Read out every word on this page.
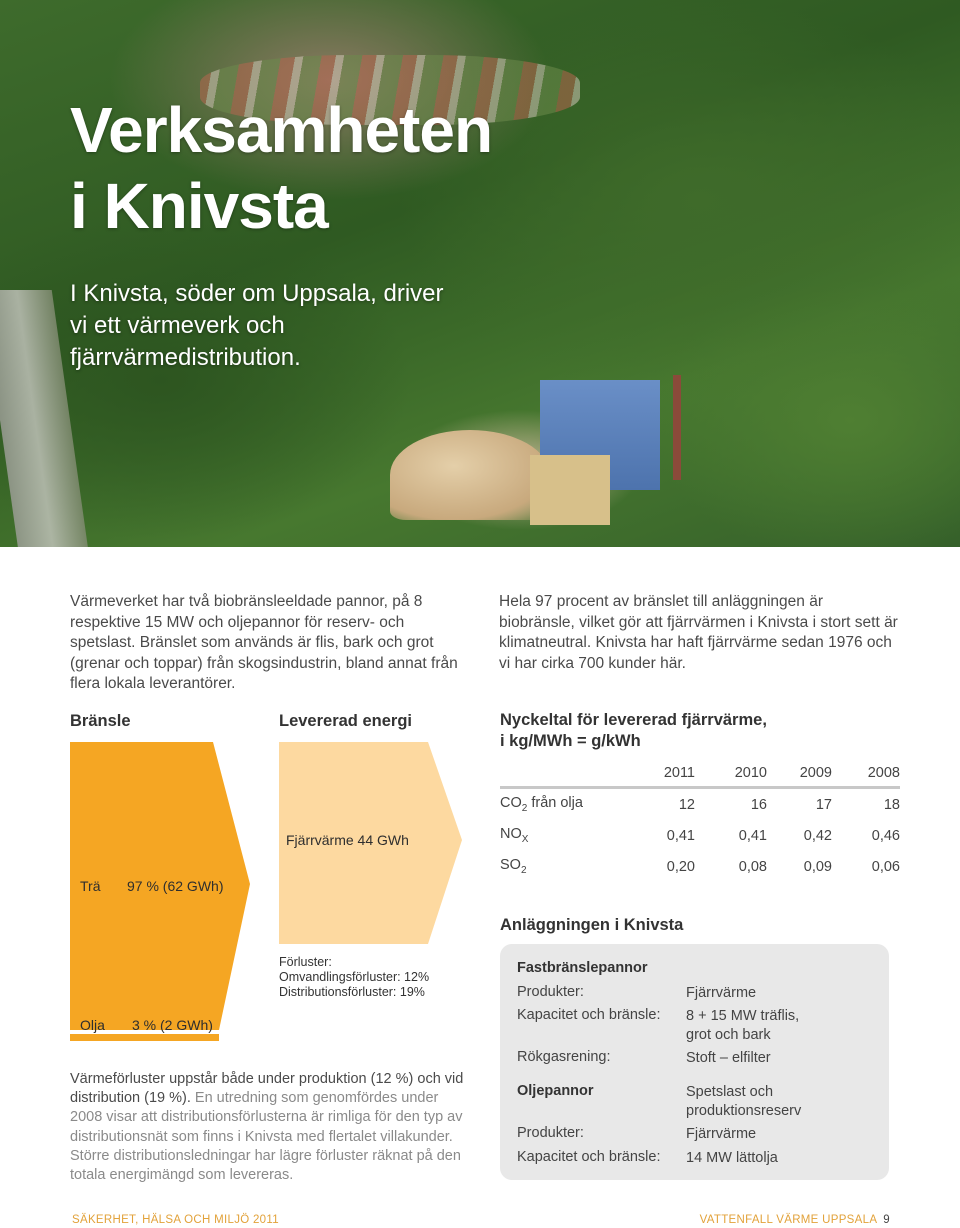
Verksamheten
i Knivsta

I Knivsta, söder om Uppsala, driver vi ett värmeverk och fjärrvärmedistribution.

Värmeverket har två biobränsleeldade pannor, på 8 respektive 15 MW och oljepannor för reserv- och spetslast. Bränslet som används är flis, bark och grot (grenar och toppar) från skogsindustrin, bland annat från flera lokala leverantörer.

Hela 97 procent av bränslet till anläggningen är biobränsle, vilket gör att fjärrvärmen i Knivsta i stort sett är klimatneutral. Knivsta har haft fjärrvärme sedan 1976 och vi har cirka 700 kunder här.

Bränsle	Levererad energi
Trä 97 % (62 GWh)
Olja 3 % (2 GWh)
Fjärrvärme 44 GWh
Förluster:
Omvandlingsförluster: 12%
Distributionsförluster: 19%

Värmeförluster uppstår både under produktion (12 %) och vid distribution (19 %). En utredning som genomfördes under 2008 visar att distributionsförlusterna är rimliga för den typ av distributionsnät som finns i Knivsta med flertalet villakunder. Större distributionsledningar har lägre förluster räknat på den totala energimängd som levereras.

Nyckeltal för levererad fjärrvärme,
i kg/MWh = g/kWh
	2011	2010	2009	2008
$CO_2$ från olja	12	16	17	18
$NO_X$	0,41	0,41	0,42	0,46
$SO_2$	0,20	0,08	0,09	0,06
Anläggningen i Knivsta
Fastbränslepannor
Produkter:	Fjärrvärme
Kapacitet och bränsle: 8 + 15 MW träflis, grot och bark
Rökgasrening:	Stoft – elfilter
Oljepannor	Spetslast och produktionsreserv
Produkter:	Fjärrvärme
Kapacitet och bränsle: 14 MW lättolja
SÄKERHET, HÄLSA OCH MILJÖ 2011	VATTENFALL VÄRME UPPSALA 9
